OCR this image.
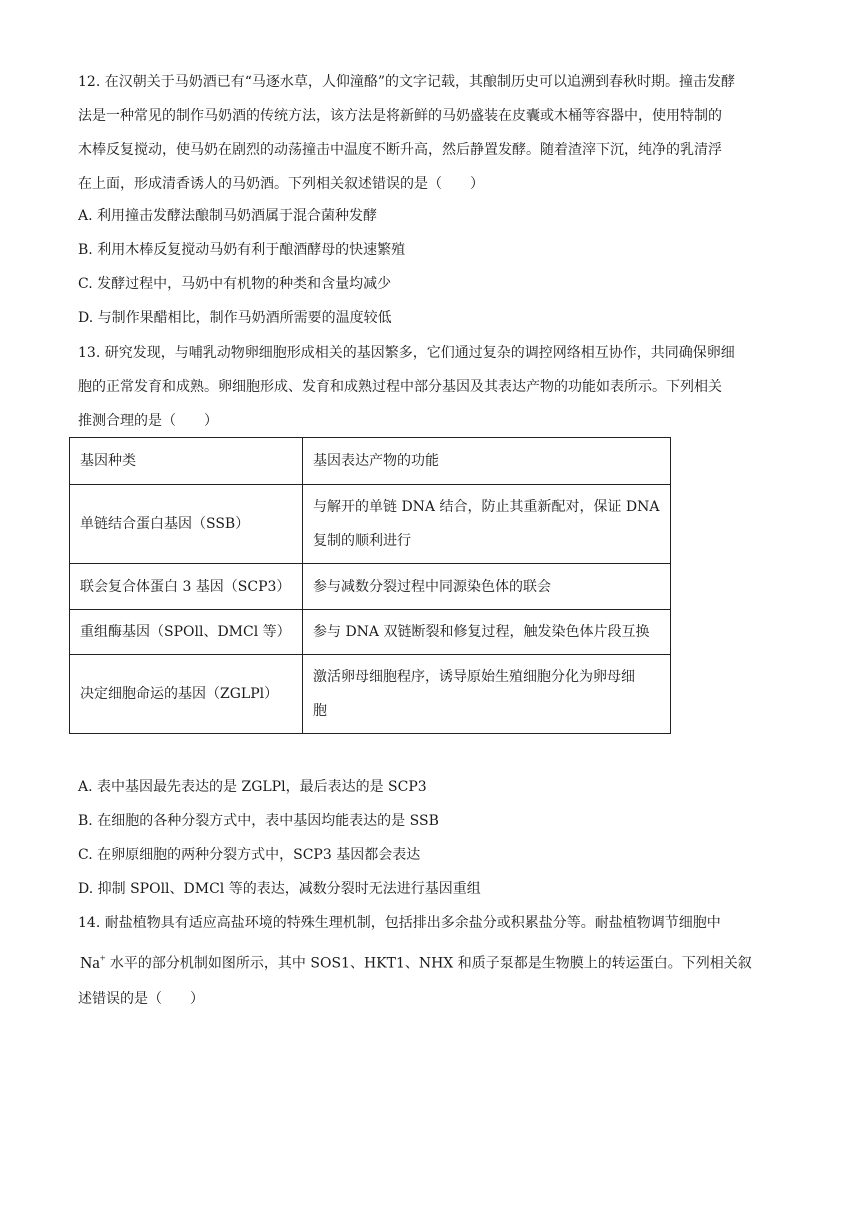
12. 在汉朝关于马奶酒已有“马逐水草，人仰潼酪”的文字记载，其酿制历史可以追溯到春秋时期。撞击发酵
法是一种常见的制作马奶酒的传统方法，该方法是将新鲜的马奶盛装在皮囊或木桶等容器中，使用特制的
木棒反复搅动，使马奶在剧烈的动荡撞击中温度不断升高，然后静置发酵。随着渣滓下沉，纯净的乳清浮
在上面，形成清香诱人的马奶酒。下列相关叙述错误的是（　　）
A. 利用撞击发酵法酿制马奶酒属于混合菌种发酵
B. 利用木棒反复搅动马奶有利于酿酒酵母的快速繁殖
C. 发酵过程中，马奶中有机物的种类和含量均减少
D. 与制作果醋相比，制作马奶酒所需要的温度较低
13. 研究发现，与哺乳动物卵细胞形成相关的基因繁多，它们通过复杂的调控网络相互协作，共同确保卵细
胞的正常发育和成熟。卵细胞形成、发育和成熟过程中部分基因及其表达产物的功能如表所示。下列相关
推测合理的是（　　）
基因种类	基因表达产物的功能
单链结合蛋白基因（SSB）	与解开的单链 DNA 结合，防止其重新配对，保证 DNA
复制的顺利进行

联会复合体蛋白 3 基因（SCP3）	参与减数分裂过程中同源染色体的联会
重组酶基因（SPOll、DMCl 等）	参与 DNA 双链断裂和修复过程，触发染色体片段互换
决定细胞命运的基因（ZGLPl）	激活卵母细胞程序，诱导原始生殖细胞分化为卵母细
胞
A. 表中基因最先表达的是 ZGLPl，最后表达的是 SCP3
B. 在细胞的各种分裂方式中，表中基因均能表达的是 SSB
C. 在卵原细胞的两种分裂方式中，SCP3 基因都会表达
D. 抑制 SPOll、DMCl 等的表达，减数分裂时无法进行基因重组
14. 耐盐植物具有适应高盐环境的特殊生理机制，包括排出多余盐分或积累盐分等。耐盐植物调节细胞中
Na+ 水平的部分机制如图所示，其中 SOS1、HKT1、NHX 和质子泵都是生物膜上的转运蛋白。下列相关叙
述错误的是（　　）
